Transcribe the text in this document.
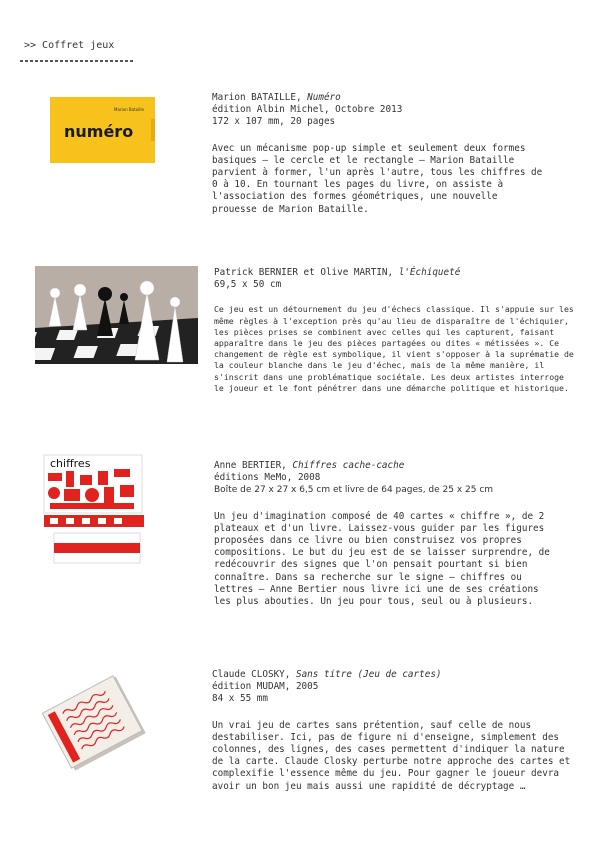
>> Coffret jeux
numéro
Marion Bataille
Marion BATAILLE, Numéro
édition Albin Michel, Octobre 2013
172 x 107 mm, 20 pages
Avec un mécanisme pop-up simple et seulement deux formes basiques – le cercle et le rectangle – Marion Bataille parvient à former, l'un après l'autre, tous les chiffres de 0 à 10. En tournant les pages du livre, on assiste à l'association des formes géométriques, une nouvelle prouesse de Marion Bataille.
Patrick BERNIER et Olive MARTIN, l'Échiqueté
69,5 x 50 cm
Ce jeu est un détournement du jeu d'échecs classique. Il s'appuie sur les même règles à l'exception près qu'au lieu de disparaître de l'échiquier, les pièces prises se combinent avec celles qui les capturent, faisant apparaître dans le jeu des pièces partagées ou dites « métissées ». Ce changement de règle est symbolique, il vient s'opposer à la suprématie de la couleur blanche dans le jeu d'échec, mais de la même manière, il s'inscrit dans une problématique sociétale. Les deux artistes interroge le joueur et le font pénétrer dans une démarche politique et historique.
chiffres	Anne BERTIER, Chiffres cache-cache
éditions MeMo, 2008
Boîte de 27 x 27 x 6,5 cm et livre de 64 pages, de 25 x 25 cm
Un jeu d'imagination composé de 40 cartes « chiffre », de 2 plateaux et d'un livre. Laissez-vous guider par les figures proposées dans ce livre ou bien construisez vos propres compositions. Le but du jeu est de se laisser surprendre, de redécouvrir des signes que l'on pensait pourtant si bien connaître. Dans sa recherche sur le signe – chiffres ou lettres – Anne Bertier nous livre ici une de ses créations les plus abouties. Un jeu pour tous, seul ou à plusieurs.
Claude CLOSKY, Sans titre (Jeu de cartes)
édition MUDAM, 2005
84 x 55 mm
Un vrai jeu de cartes sans prétention, sauf celle de nous destabiliser. Ici, pas de figure ni d'enseigne, simplement des colonnes, des lignes, des cases permettent d'indiquer la nature de la carte. Claude Closky perturbe notre approche des cartes et complexifie l'essence même du jeu. Pour gagner le joueur devra avoir un bon jeu mais aussi une rapidité de décryptage …
